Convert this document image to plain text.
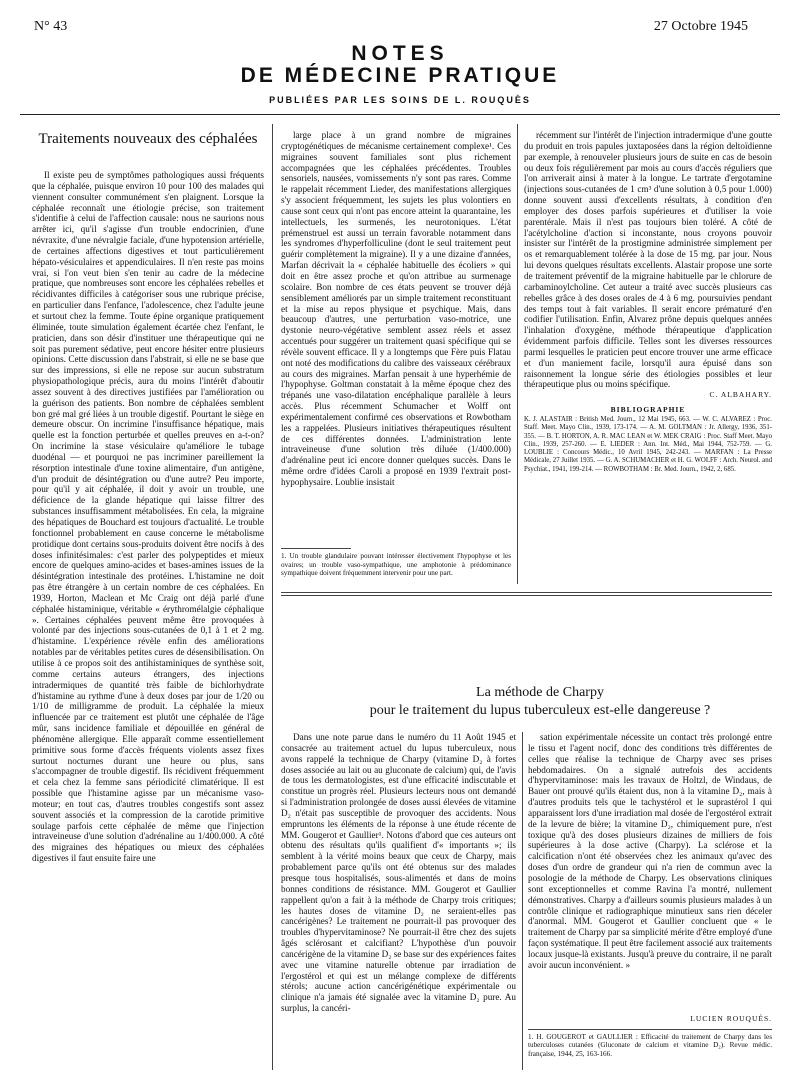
N° 43	27 Octobre 1945
NOTES
DE MÉDECINE PRATIQUE
PUBLIÉES PAR LES SOINS DE L. ROUQUÈS
Traitements nouveaux des céphalées

Il existe peu de symptômes pathologiques aussi fréquents que la céphalée, puisque environ 10 pour 100 des malades qui viennent consulter communément s'en plaignent. Lorsque la céphalée reconnaît une étiologie précise, son traitement s'identifie à celui de l'affection causale: nous ne saurions nous arrêter ici, qu'il s'agisse d'un trouble endocrinien, d'une névraxite, d'une névralgie faciale, d'une hypotension artérielle, de certaines affections digestives et tout particulièrement hépato-vésiculaires et appendiculaires. Il n'en reste pas moins vrai, si l'on veut bien s'en tenir au cadre de la médecine pratique, que nombreuses sont encore les céphalées rebelles et récidivantes difficiles à catégoriser sous une rubrique précise, en particulier dans l'enfance, l'adolescence, chez l'adulte jeune et surtout chez la femme. Toute épine organique pratiquement éliminée, toute simulation également écartée chez l'enfant, le praticien, dans son désir d'instituer une thérapeutique qui ne soit pas purement sédative, peut encore hésiter entre plusieurs opinions. Cette discussion dans l'abstrait, si elle ne se base que sur des impressions, si elle ne repose sur aucun substratum physiopathologique précis, aura du moins l'intérêt d'aboutir assez souvent à des directives justifiées par l'amélioration ou la guérison des patients. Bon nombre de céphalées semblent bon gré mal gré liées à un trouble digestif. Pourtant le siège en demeure obscur. On incrimine l'insuffisance hépatique, mais quelle est la fonction perturbée et quelles preuves en a-t-on? On incrimine la stase vésiculaire qu'améliore le tubage duodénal — et pourquoi ne pas incriminer pareillement la résorption intestinale d'une toxine alimentaire, d'un antigène, d'un produit de désintégration ou d'une autre? Peu importe, pour qu'il y ait céphalée, il doit y avoir un trouble, une déficience de la glande hépatique qui laisse filtrer des substances insuffisamment métabolisées. En cela, la migraine des hépatiques de Bouchard est toujours d'actualité. Le trouble fonctionnel probablement en cause concerne le métabolisme protidique dont certains sous-produits doivent être nocifs à des doses infinitésimales: c'est parler des polypeptides et mieux encore de quelques amino-acides et bases-amines issues de la désintégration intestinale des protéines. L'histamine ne doit pas être étrangère à un certain nombre de ces céphalées. En 1939, Horton, Maclean et Mc Craig ont déjà parlé d'une céphalée histaminique, véritable « érythromélalgie céphalique ». Certaines céphalées peuvent même être provoquées à volonté par des injections sous-cutanées de 0,1 à 1 et 2 mg. d'histamine. L'expérience révèle enfin des améliorations notables par de véritables petites cures de désensibilisation. On utilise à ce propos soit des antihistaminiques de synthèse soit, comme certains auteurs étrangers, des injections intradermiques de quantité très faible de bichlorhydrate d'histamine au rythme d'une à deux doses par jour de 1/20 ou 1/10 de milligramme de produit. La céphalée la mieux influencée par ce traitement est plutôt une céphalée de l'âge mûr, sans incidence familiale et dépouillée en général de phénomène allergique. Elle apparaît comme essentiellement primitive sous forme d'accès fréquents violents assez fixes surtout nocturnes durant une heure ou plus, sans s'accompagner de trouble digestif. Ils récidivent fréquemment et cela chez la femme sans périodicité climatérique. Il est possible que l'histamine agisse par un mécanisme vaso-moteur; en tout cas, d'autres troubles congestifs sont assez souvent associés et la compression de la carotide primitive soulage parfois cette céphalée de même que l'injection intraveineuse d'une solution d'adrénaline au 1/400.000. A côté des migraines des hépatiques ou mieux des céphalées digestives il faut ensuite faire une

large place à un grand nombre de migraines cryptogénétiques de mécanisme certainement complexe¹. Ces migraines souvent familiales sont plus richement accompagnées que les céphalées précédentes. Troubles sensoriels, nausées, vomissements n'y sont pas rares. Comme le rappelait récemment Lieder, des manifestations allergiques s'y associent fréquemment, les sujets les plus volontiers en cause sont ceux qui n'ont pas encore atteint la quarantaine, les intellectuels, les surmenés, les neurotoniques. L'état prémenstruel est aussi un terrain favorable notamment dans les syndromes d'hyperfolliculine (dont le seul traitement peut guérir complètement la migraine). Il y a une dizaine d'années, Marfan décrivait la « céphalée habituelle des écoliers » qui doit en être assez proche et qu'on attribue au surmenage scolaire. Bon nombre de ces états peuvent se trouver déjà sensiblement améliorés par un simple traitement reconstituant et la mise au repos physique et psychique. Mais, dans beaucoup d'autres, une perturbation vaso-motrice, une dystonie neuro-végétative semblent assez réels et assez accentués pour suggérer un traitement quasi spécifique qui se révèle souvent efficace. Il y a longtemps que Fère puis Flatau ont noté des modifications du calibre des vaisseaux cérébraux au cours des migraines. Marfan pensait à une hyperhémie de l'hypophyse. Goltman constatait à la même époque chez des trépanés une vaso-dilatation encéphalique parallèle à leurs accès. Plus récemment Schumacher et Wolff ont expérimentalement confirmé ces observations et Rowbotham les a rappelées. Plusieurs initiatives thérapeutiques résultent de ces différentes données. L'administration lente intraveineuse d'une solution très diluée (1/400.000) d'adrénaline peut ici encore donner quelques succès. Dans le même ordre d'idées Caroli a proposé en 1939 l'extrait post-hypophysaire. Loublie insistait

1. Un trouble glandulaire pouvant intéresser électivement l'hypophyse et les ovaires; un trouble vaso-sympathique, une amphotonie à prédominance sympathique doivent fréquemment intervenir pour une part.

récemment sur l'intérêt de l'injection intradermique d'une goutte du produit en trois papules juxtaposées dans la région deltoïdienne par exemple, à renouveler plusieurs jours de suite en cas de besoin ou deux fois régulièrement par mois au cours d'accès réguliers que l'on arriverait ainsi à mater à la longue. Le tartrate d'ergotamine (injections sous-cutanées de 1 cm³ d'une solution à 0,5 pour 1.000) donne souvent aussi d'excellents résultats, à condition d'en employer des doses parfois supérieures et d'utiliser la voie parentérale. Mais il n'est pas toujours bien toléré. A côté de l'acétylcholine d'action si inconstante, nous croyons pouvoir insister sur l'intérêt de la prostigmine administrée simplement per os et remarquablement tolérée à la dose de 15 mg. par jour. Nous lui devons quelques résultats excellents. Alastair propose une sorte de traitement préventif de la migraine habituelle par le chlorure de carbaminoylcholine. Cet auteur a traité avec succès plusieurs cas rebelles grâce à des doses orales de 4 à 6 mg. poursuivies pendant des temps tout à fait variables. Il serait encore prématuré d'en codifier l'utilisation. Enfin, Alvarez prône depuis quelques années l'inhalation d'oxygène, méthode thérapeutique d'application évidemment parfois difficile. Telles sont les diverses ressources parmi lesquelles le praticien peut encore trouver une arme efficace et d'un maniement facile, lorsqu'il aura épuisé dans son raisonnement la longue série des étiologies possibles et leur thérapeutique plus ou moins spécifique.

C. ALBAHARY.
BIBLIOGRAPHIE
K. J. ALASTAIR : British Med. Journ., 12 Mai 1945, 663. — W. C. ALVAREZ : Proc. Staff. Meet. Mayo Clin., 1939, 173-174. — A. M. GOLTMAN : Jr. Allergy, 1936, 351-355. — B. T. HORTON, A. R. MAC LEAN et W. MEK CRAIG : Proc. Staff Meet. Mayo Clin., 1939, 257-260. — E. LIEDER : Ann. Int. Méd., Mai 1944, 752-759. — G. LOUBLIE : Concours Médic., 10 Avril 1945, 242-243. — MARFAN : La Presse Médicale, 27 Juillet 1935. — G. A. SCHUMACHER et H. G. WOLFF : Arch. Neurol. and Psychiat., 1941, 199-214. — ROWBOTHAM : Br. Med. Journ., 1942, 2, 685.
La méthode de Charpy
pour le traitement du lupus tuberculeux est-elle dangereuse ?

Dans une note parue dans le numéro du 11 Août 1945 et consacrée au traitement actuel du lupus tuberculeux, nous avons rappelé la technique de Charpy (vitamine D₂ à fortes doses associée au lait ou au gluconate de calcium) qui, de l'avis de tous les dermatologistes, est d'une efficacité indiscutable et constitue un progrès réel. Plusieurs lecteurs nous ont demandé si l'administration prolongée de doses aussi élevées de vitamine D₂ n'était pas susceptible de provoquer des accidents. Nous empruntons les éléments de la réponse à une étude récente de MM. Gougerot et Gaullier¹. Notons d'abord que ces auteurs ont obtenu des résultats qu'ils qualifient d'« importants »; ils semblent à la vérité moins beaux que ceux de Charpy, mais probablement parce qu'ils ont été obtenus sur des malades presque tous hospitalisés, sous-alimentés et dans de moins bonnes conditions de résistance. MM. Gougerot et Gaullier rappellent qu'on a fait à la méthode de Charpy trois critiques; les hautes doses de vitamine D₂ ne seraient-elles pas cancérigènes? Le traitement ne pourrait-il pas provoquer des troubles d'hypervitaminose? Ne pourrait-il être chez des sujets âgés sclérosant et calcifiant? L'hypothèse d'un pouvoir cancérigène de la vitamine D₂ se base sur des expériences faites avec une vitamine naturelle obtenue par irradiation de l'ergostérol et qui est un mélange complexe de différents stérols; aucune action cancérigénétique expérimentale ou clinique n'a jamais été signalée avec la vitamine D₂ pure. Au surplus, la cancéri-

sation expérimentale nécessite un contact très prolongé entre le tissu et l'agent nocif, donc des conditions très différentes de celles que réalise la technique de Charpy avec ses prises hebdomadaires. On a signalé autrefois des accidents d'hypervitaminose: mais les travaux de Holtzl, de Windaus, de Bauer ont prouvé qu'ils étaient dus, non à la vitamine D₂, mais à d'autres produits tels que le tachystérol et le suprastérol I qui apparaissent lors d'une irradiation mal dosée de l'ergostérol extrait de la levure de bière; la vitamine D₂, chimiquement pure, n'est toxique qu'à des doses plusieurs dizaines de milliers de fois supérieures à la dose active (Charpy). La sclérose et la calcification n'ont été observées chez les animaux qu'avec des doses d'un ordre de grandeur qui n'a rien de commun avec la posologie de la méthode de Charpy. Les observations cliniques sont exceptionnelles et comme Ravina l'a montré, nullement démonstratives. Charpy a d'ailleurs soumis plusieurs malades à un contrôle clinique et radiographique minutieux sans rien déceler d'anormal. MM. Gougerot et Gaullier concluent que « le traitement de Charpy par sa simplicité mérite d'être employé d'une façon systématique. Il peut être facilement associé aux traitements locaux jusque-là existants. Jusqu'à preuve du contraire, il ne paraît avoir aucun inconvénient. »

LUCIEN ROUQUÈS.
1. H. GOUGEROT et GAULLIER : Efficacité du traitement de Charpy dans les tuberculoses cutanées (Gluconate de calcium et vitamine D₂). Revue médic. française, 1944, 25, 163-166.
